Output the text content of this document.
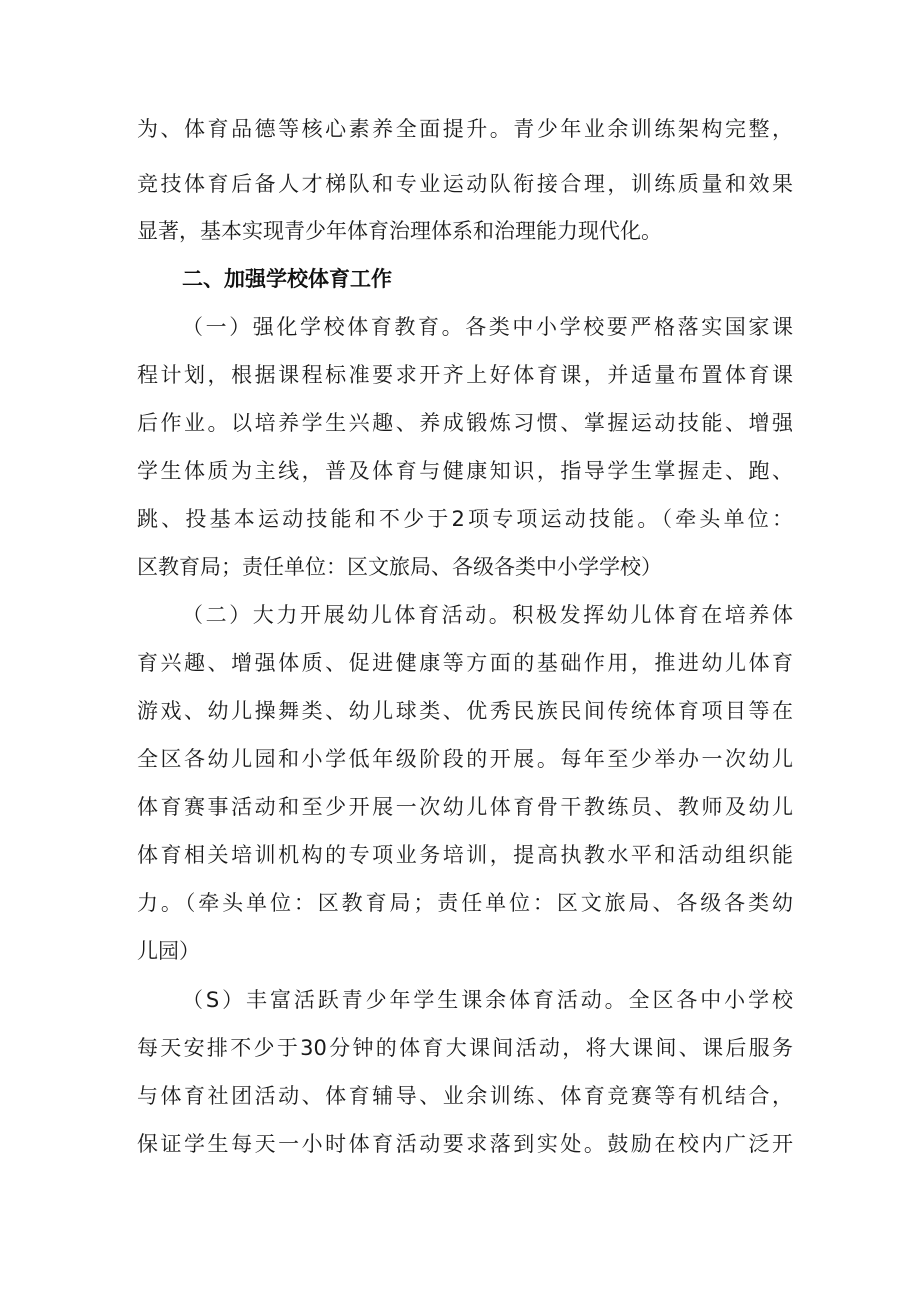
为、体育品德等核心素养全面提升。青少年业余训练架构完整，

竞技体育后备人才梯队和专业运动队衔接合理，训练质量和效果

显著，基本实现青少年体育治理体系和治理能力现代化。

二、加强学校体育工作

（一）强化学校体育教育。各类中小学校要严格落实国家课

程计划，根据课程标准要求开齐上好体育课，并适量布置体育课

后作业。以培养学生兴趣、养成锻炼习惯、掌握运动技能、增强

学生体质为主线，普及体育与健康知识，指导学生掌握走、跑、

跳、投基本运动技能和不少于2项专项运动技能。（牵头单位：

区教育局；责任单位：区文旅局、各级各类中小学学校）

（二）大力开展幼儿体育活动。积极发挥幼儿体育在培养体

育兴趣、增强体质、促进健康等方面的基础作用，推进幼儿体育

游戏、幼儿操舞类、幼儿球类、优秀民族民间传统体育项目等在

全区各幼儿园和小学低年级阶段的开展。每年至少举办一次幼儿

体育赛事活动和至少开展一次幼儿体育骨干教练员、教师及幼儿

体育相关培训机构的专项业务培训，提高执教水平和活动组织能

力。（牵头单位：区教育局；责任单位：区文旅局、各级各类幼

儿园）

（S）丰富活跃青少年学生课余体育活动。全区各中小学校

每天安排不少于30分钟的体育大课间活动，将大课间、课后服务

与体育社团活动、体育辅导、业余训练、体育竞赛等有机结合，

保证学生每天一小时体育活动要求落到实处。鼓励在校内广泛开
